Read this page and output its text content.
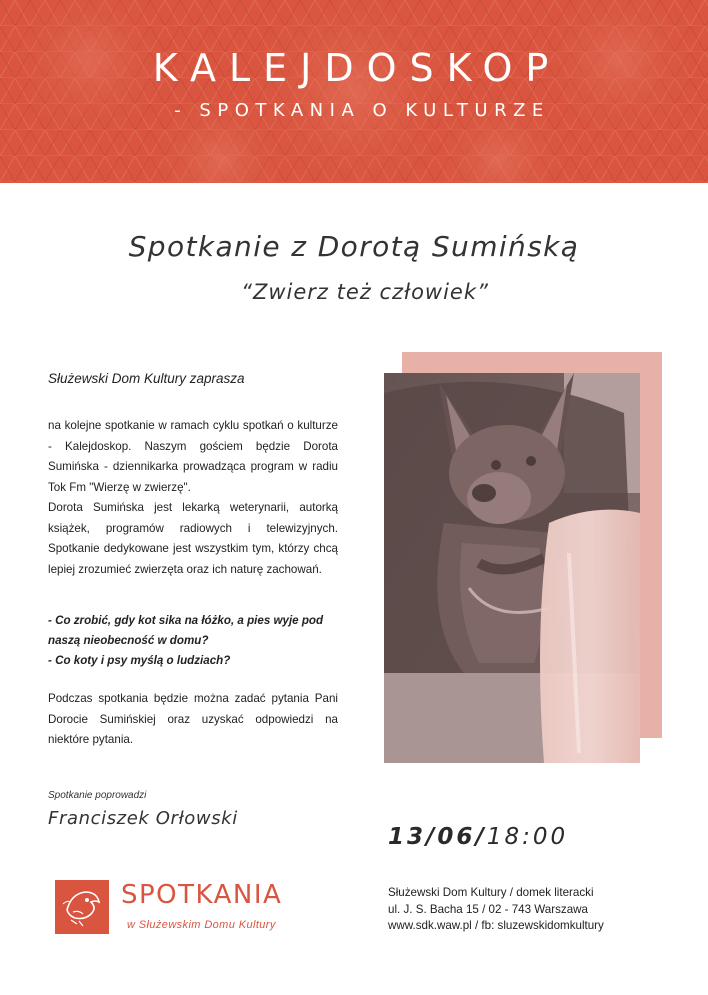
KALEJDOSKOP
- SPOTKANIA O KULTURZE
Spotkanie z Dorotą Sumińską
“Zwierz też człowiek”
Służewski Dom Kultury zaprasza
na kolejne spotkanie w ramach cyklu spotkań o kulturze - Kalejdoskop. Naszym gościem będzie Dorota Sumińska - dziennikarka prowadząca program w radiu Tok Fm "Wierzę w zwierzę".
Dorota Sumińska jest lekarką weterynarii, autorką książek, programów radiowych i telewizyjnych. Spotkanie dedykowane jest wszystkim tym, którzy chcą lepiej zrozumieć zwierzęta oraz ich naturę zachowań.
- Co zrobić, gdy kot sika na łóżko, a pies wyje pod naszą nieobecność w domu?
- Co koty i psy myślą o ludziach?
Podczas spotkania będzie można zadać pytania Pani Dorocie Sumińskiej oraz uzyskać odpowiedzi na niektóre pytania.
Spotkanie poprowadzi
Franciszek Orłowski
13/06/18:00
SPOTKANIA
w Służewskim Domu Kultury
Służewski Dom Kultury / domek literacki
ul. J. S. Bacha 15 / 02 - 743 Warszawa
www.sdk.waw.pl / fb: sluzewskidomkultury
